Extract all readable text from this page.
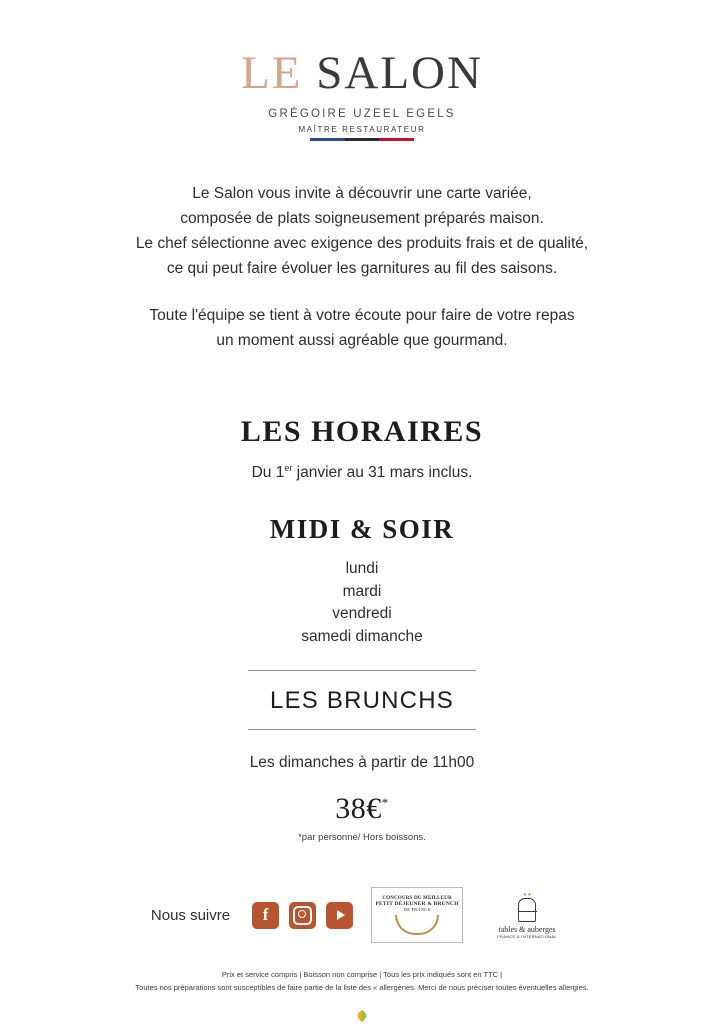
LE SALON
GRÉGOIRE UZEEL EGELS
MAÎTRE RESTAURATEUR

Le Salon vous invite à découvrir une carte variée,

composée de plats soigneusement préparés maison.

Le chef sélectionne avec exigence des produits frais et de qualité,

ce qui peut faire évoluer les garnitures au fil des saisons.

Toute l'équipe se tient à votre écoute pour faire de votre repas

un moment aussi agréable que gourmand.

LES HORAIRES
Du 1er janvier au 31 mars inclus.
MIDI & SOIR
lundi
mardi
vendredi
samedi dimanche
LES BRUNCHS
Les dimanches à partir de 11h00
38€*
*par personne/ Hors boissons.
Nous suivre	f
CONCOURS DU MEILLEUR
PETIT DÉJEUNER & BRUNCH
DE FRANCE
★★
tables & auberges
FRANCE & INTERNATIONAL
Prix et service compris | Boisson non comprise | Tous les prix indiqués sont en TTC |
Toutes nos préparations sont susceptibles de faire partie de la liste des « allergènes. Merci de nous préciser toutes éventuelles allergies.
